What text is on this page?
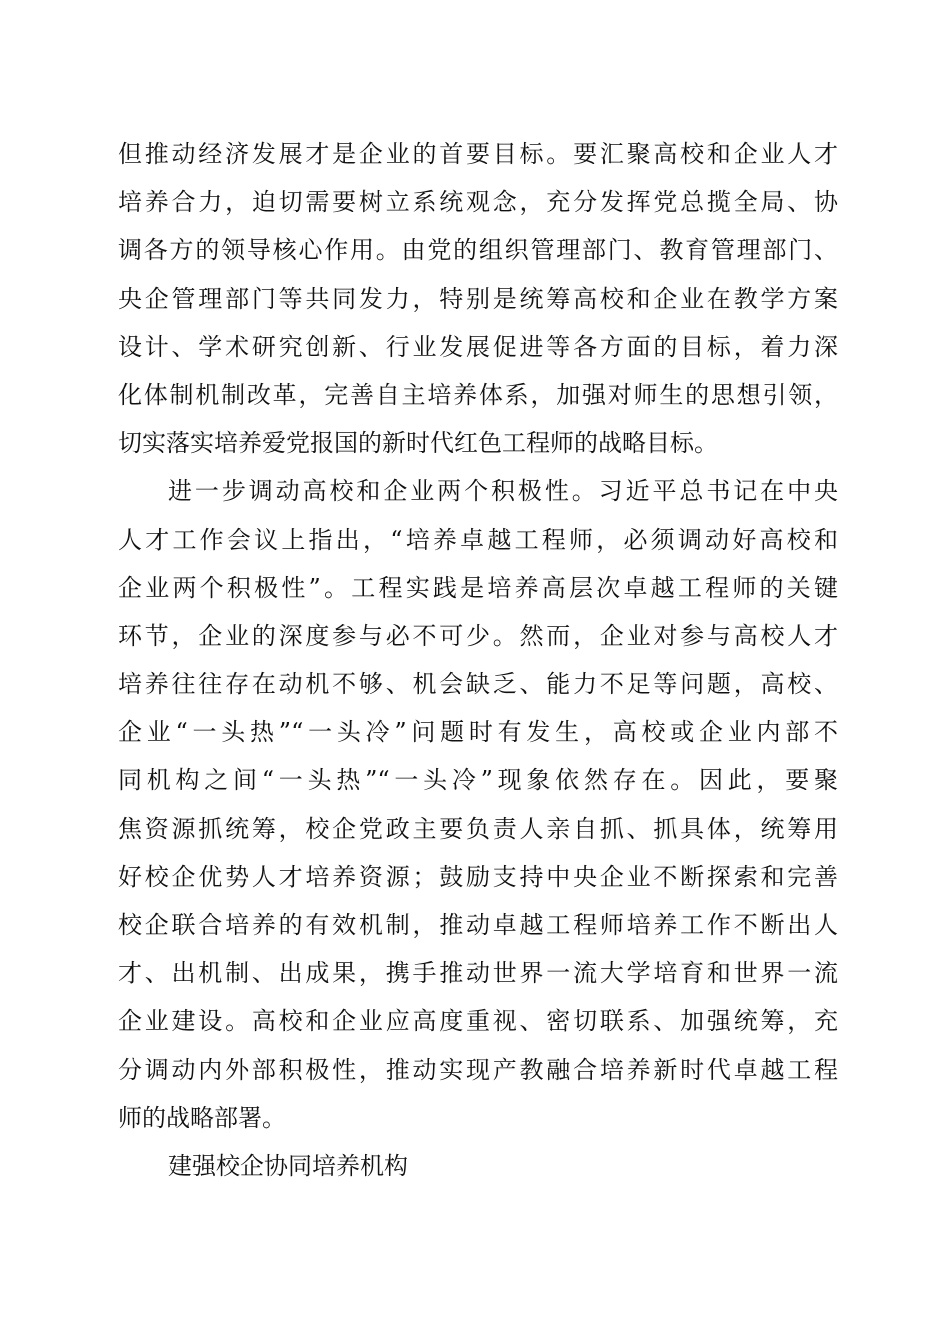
但推动经济发展才是企业的首要目标。要汇聚高校和企业人才
培养合力，迫切需要树立系统观念，充分发挥党总揽全局、协
调各方的领导核心作用。由党的组织管理部门、教育管理部门、
央企管理部门等共同发力，特别是统筹高校和企业在教学方案
设计、学术研究创新、行业发展促进等各方面的目标，着力深
化体制机制改革，完善自主培养体系，加强对师生的思想引领，
切实落实培养爱党报国的新时代红色工程师的战略目标。
进一步调动高校和企业两个积极性。习近平总书记在中央
人才工作会议上指出，“培养卓越工程师，必须调动好高校和
企业两个积极性”。工程实践是培养高层次卓越工程师的关键
环节，企业的深度参与必不可少。然而，企业对参与高校人才
培养往往存在动机不够、机会缺乏、能力不足等问题，高校、
企业“一头热”“一头冷”问题时有发生，高校或企业内部不
同机构之间“一头热”“一头冷”现象依然存在。因此，要聚
焦资源抓统筹，校企党政主要负责人亲自抓、抓具体，统筹用
好校企优势人才培养资源；鼓励支持中央企业不断探索和完善
校企联合培养的有效机制，推动卓越工程师培养工作不断出人
才、出机制、出成果，携手推动世界一流大学培育和世界一流
企业建设。高校和企业应高度重视、密切联系、加强统筹，充
分调动内外部积极性，推动实现产教融合培养新时代卓越工程
师的战略部署。
建强校企协同培养机构
